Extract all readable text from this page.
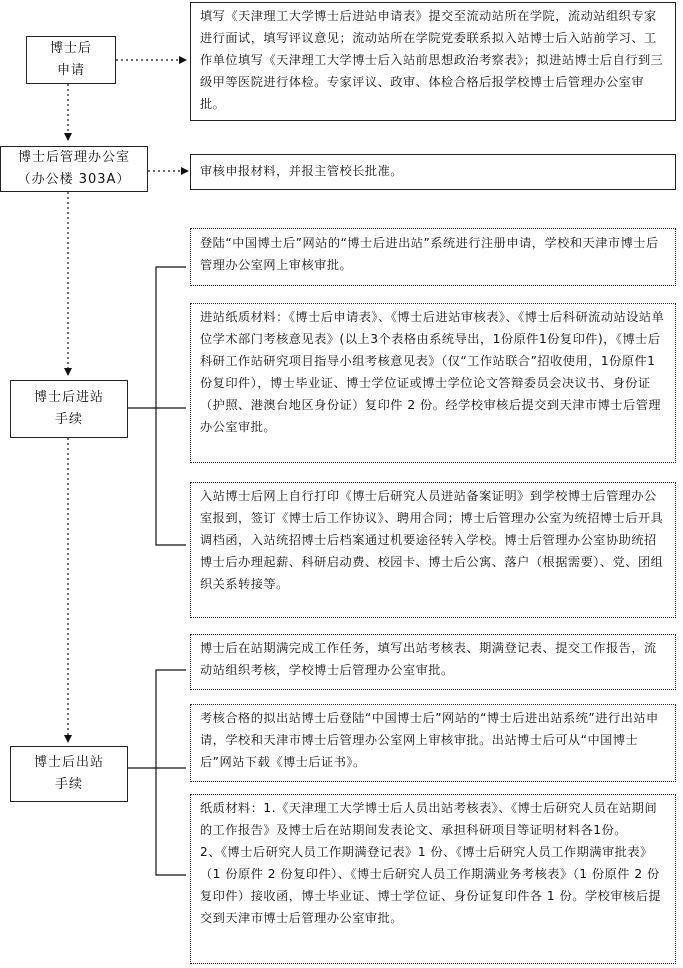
博士后
申请
博士后管理办公室
（办公楼 303A）
博士后进站
手续
博士后出站
手续
填写《天津理工大学博士后进站申请表》提交至流动站所在学院，流动站组织专家进行面试，填写评议意见；流动站所在学院党委联系拟入站博士后入站前学习、工作单位填写《天津理工大学博士后入站前思想政治考察表》；拟进站博士后自行到三级甲等医院进行体检。专家评议、政审、体检合格后报学校博士后管理办公室审批。
审核申报材料，并报主管校长批准。
登陆“中国博士后”网站的“博士后进出站”系统进行注册申请，学校和天津市博士后管理办公室网上审核审批。
进站纸质材料：《博士后申请表》、《博士后进站审核表》、《博士后科研流动站设站单位学术部门考核意见表》(以上3个表格由系统导出，1份原件1份复印件)，《博士后科研工作站研究项目指导小组考核意见表》（仅“工作站联合”招收使用，1份原件1份复印件），博士毕业证、博士学位证或博士学位论文答辩委员会决议书、身份证（护照、港澳台地区身份证）复印件 2 份。经学校审核后提交到天津市博士后管理办公室审批。
入站博士后网上自行打印《博士后研究人员进站备案证明》到学校博士后管理办公室报到，签订《博士后工作协议》、聘用合同；博士后管理办公室为统招博士后开具调档函，入站统招博士后档案通过机要途径转入学校。博士后管理办公室协助统招博士后办理起薪、科研启动费、校园卡、博士后公寓、落户（根据需要）、党、团组织关系转接等。
博士后在站期满完成工作任务，填写出站考核表、期满登记表、提交工作报告，流动站组织考核，学校博士后管理办公室审批。
考核合格的拟出站博士后登陆“中国博士后”网站的“博士后进出站系统”进行出站申请，学校和天津市博士后管理办公室网上审核审批。出站博士后可从“中国博士后”网站下载《博士后证书》。
纸质材料：1.《天津理工大学博士后人员出站考核表》、《博士后研究人员在站期间的工作报告》及博士后在站期间发表论文、承担科研项目等证明材料各1份。
2、《博士后研究人员工作期满登记表》1 份、《博士后研究人员工作期满审批表》（1 份原件 2 份复印件）、《博士后研究人员工作期满业务考核表》（1 份原件 2 份复印件）接收函，博士毕业证、博士学位证、身份证复印件各 1 份。学校审核后提交到天津市博士后管理办公室审批。
